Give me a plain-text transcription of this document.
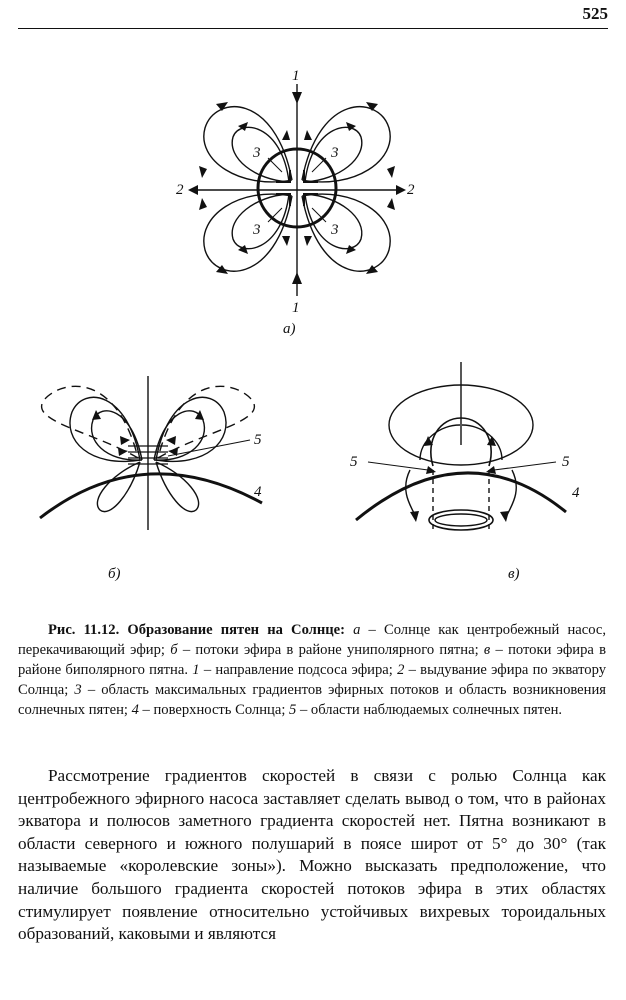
525
1
1
2	2
3	3
3	3
а)
5
4
б)
5	5
4
в)

Рис. 11.12. Образование пятен на Солнце: а – Солнце как центробежный насос, перекачивающий эфир; б – потоки эфира в районе униполярного пятна; в – потоки эфира в районе биполярного пятна. 1 – направление подсоса эфира; 2 – выдувание эфира по экватору Солнца; 3 – область максимальных градиентов эфирных потоков и область возникновения солнечных пятен; 4 – поверхность Солнца; 5 – области наблюдаемых солнечных пятен.

Рассмотрение градиентов скоростей в связи с ролью Солнца как центробежного эфирного насоса заставляет сделать вывод о том, что в районах экватора и полюсов заметного градиента скоростей нет. Пятна возникают в области северного и южного полушарий в поясе широт от 5° до 30° (так называемые «королевские зоны»). Можно высказать предположение, что наличие большого градиента скоростей потоков эфира в этих областях стимулирует появление относительно устойчивых вихревых тороидальных образований, каковыми и являются
